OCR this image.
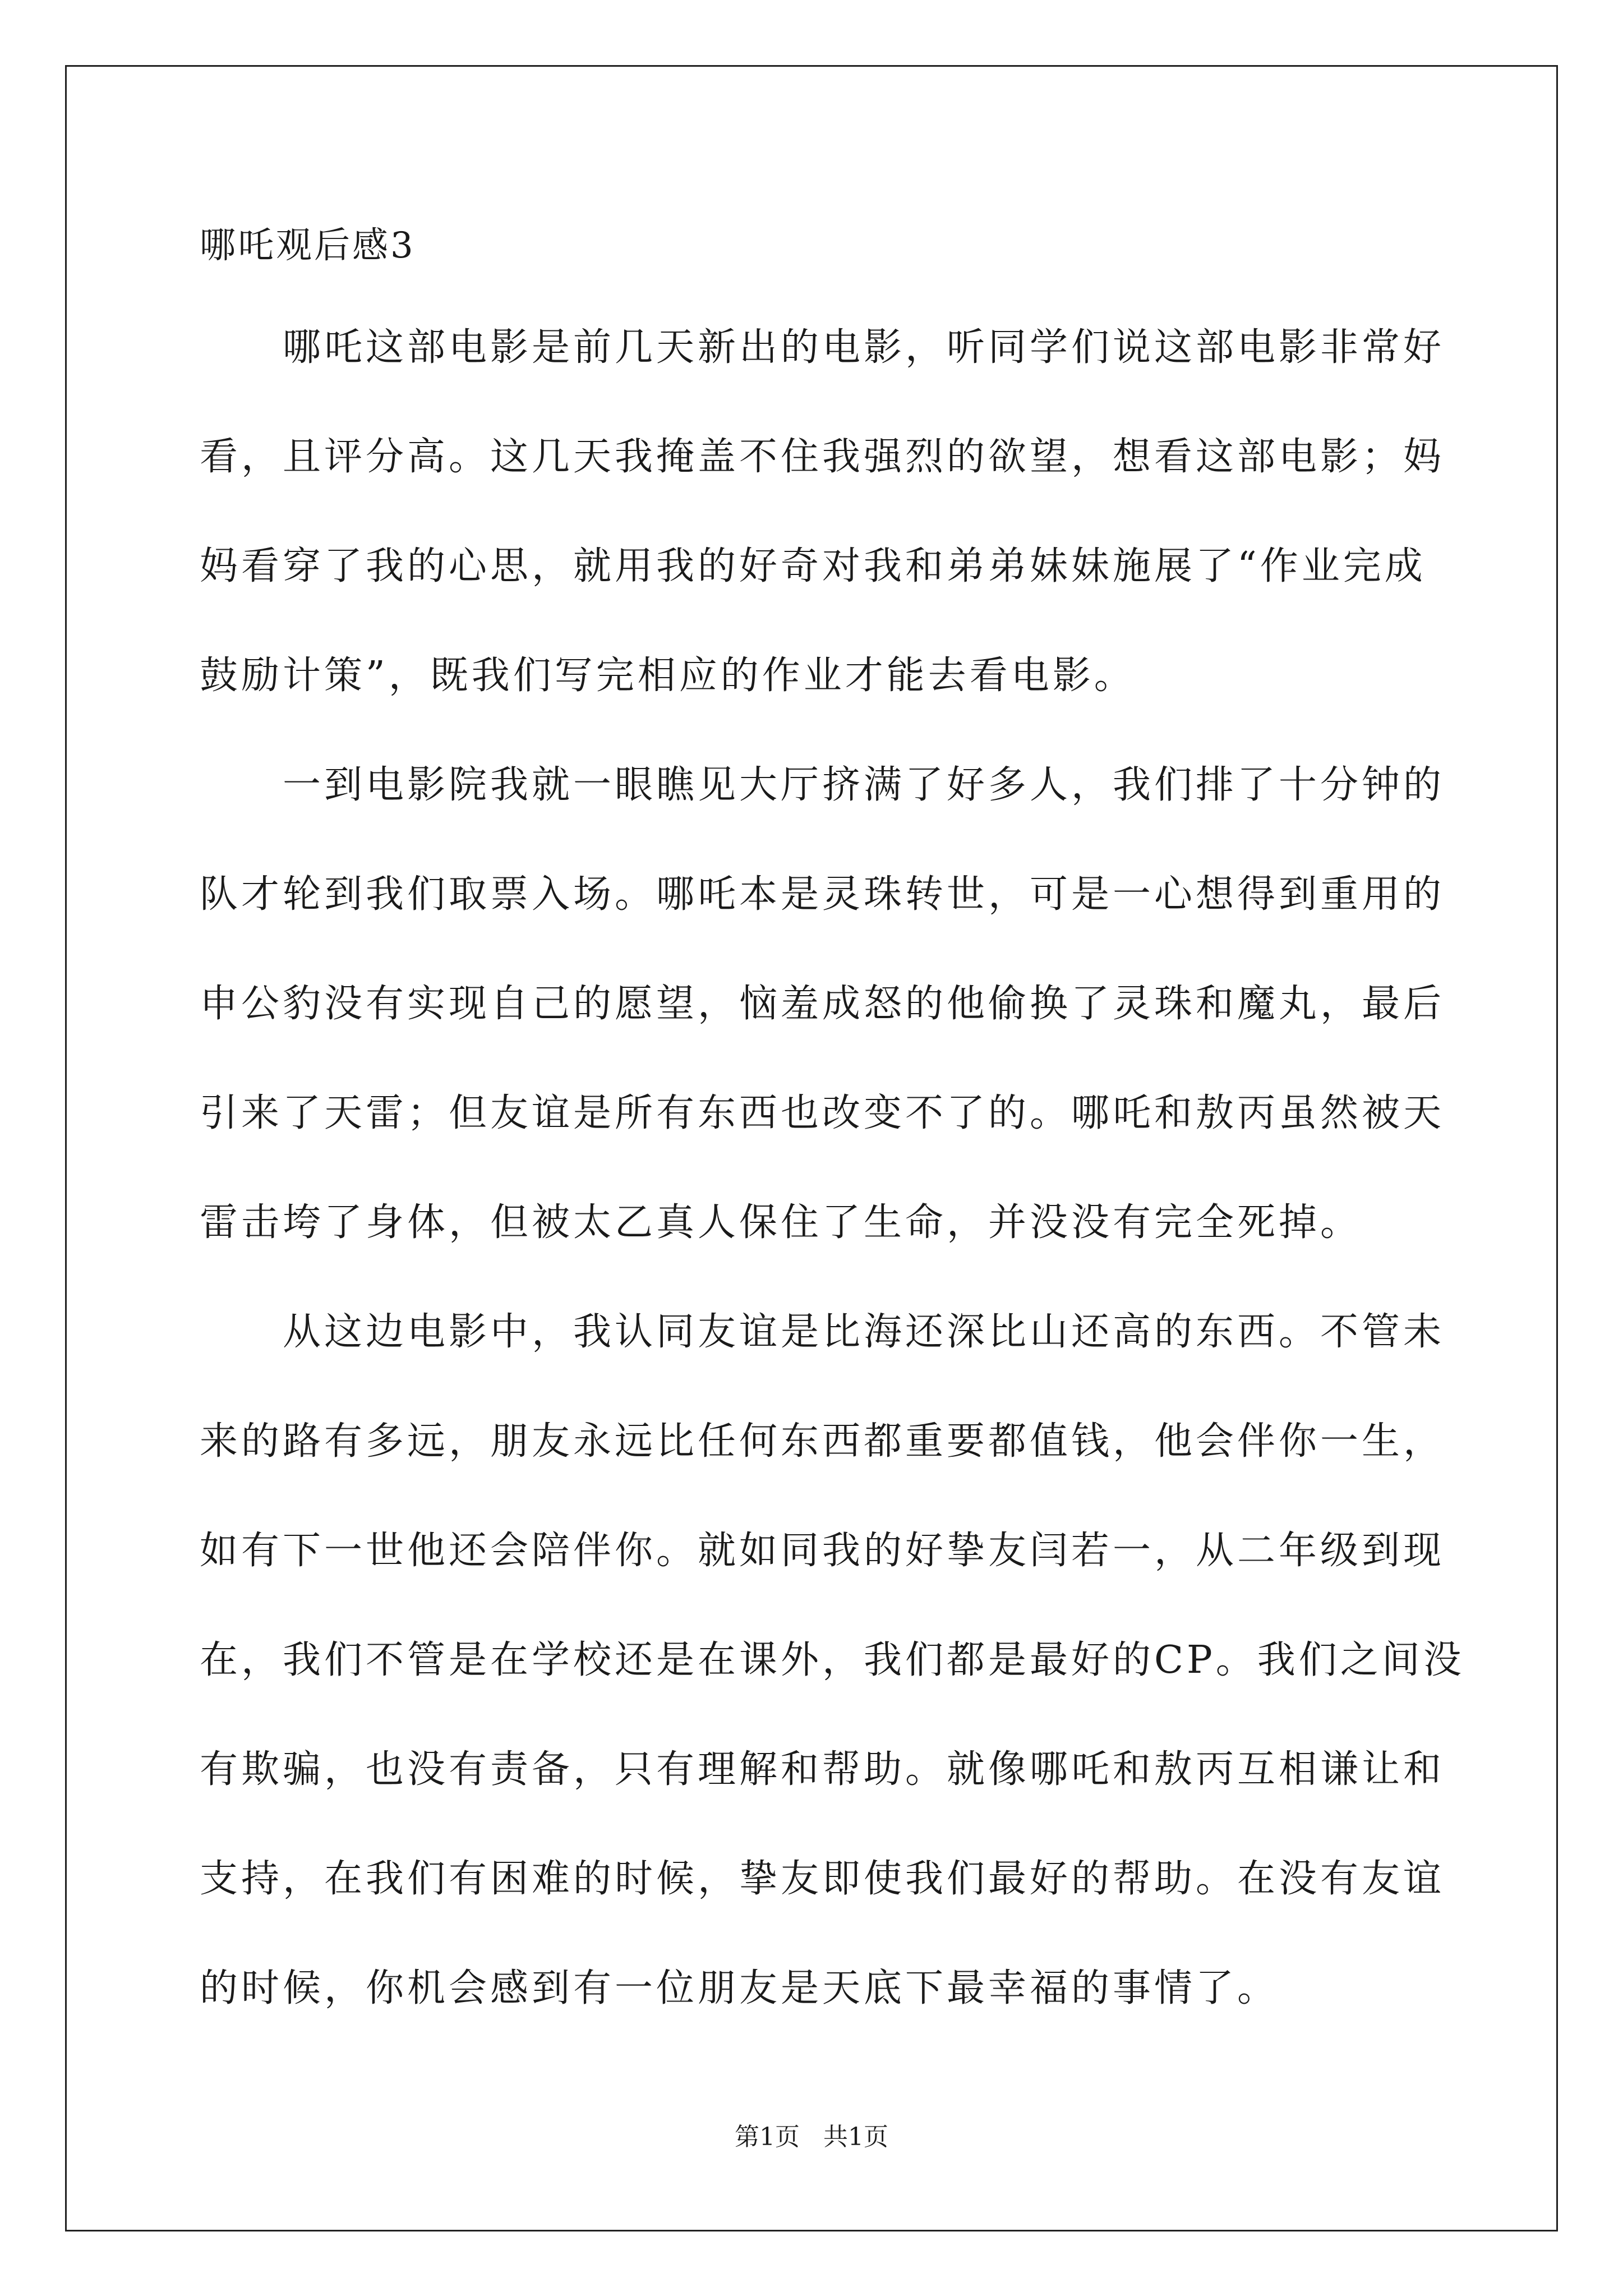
哪吒观后感3
哪吒这部电影是前几天新出的电影，听同学们说这部电影非常好
看，且评分高。这几天我掩盖不住我强烈的欲望，想看这部电影；妈
妈看穿了我的心思，就用我的好奇对我和弟弟妹妹施展了“作业完成
鼓励计策”，既我们写完相应的作业才能去看电影。
一到电影院我就一眼瞧见大厅挤满了好多人，我们排了十分钟的
队才轮到我们取票入场。哪吒本是灵珠转世，可是一心想得到重用的
申公豹没有实现自己的愿望，恼羞成怒的他偷换了灵珠和魔丸，最后
引来了天雷；但友谊是所有东西也改变不了的。哪吒和敖丙虽然被天
雷击垮了身体，但被太乙真人保住了生命，并没没有完全死掉。
从这边电影中，我认同友谊是比海还深比山还高的东西。不管未
来的路有多远，朋友永远比任何东西都重要都值钱，他会伴你一生，
如有下一世他还会陪伴你。就如同我的好挚友闫若一，从二年级到现
在，我们不管是在学校还是在课外，我们都是最好的CP。我们之间没
有欺骗，也没有责备，只有理解和帮助。就像哪吒和敖丙互相谦让和
支持，在我们有困难的时候，挚友即使我们最好的帮助。在没有友谊
的时候，你机会感到有一位朋友是天底下最幸福的事情了。
第1页   共1页
